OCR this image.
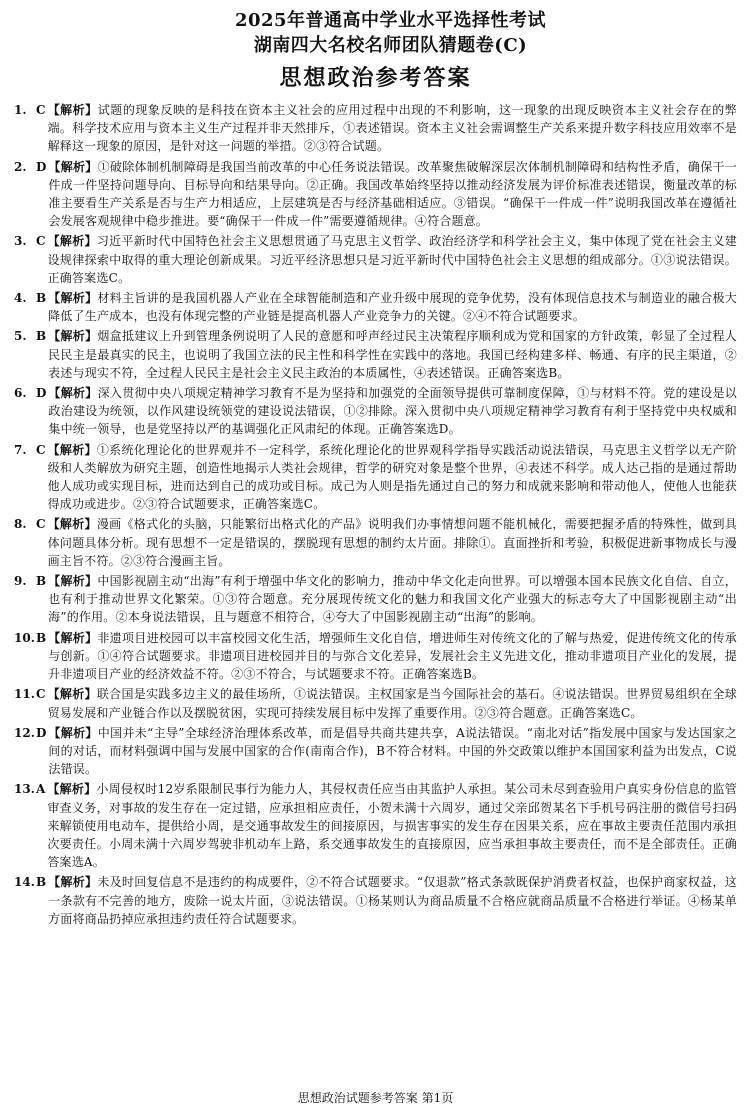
2025年普通高中学业水平选择性考试
湖南四大名校名师团队猜题卷(C)
思想政治参考答案
1. C 【解析】试题的现象反映的是科技在资本主义社会的应用过程中出现的不利影响，这一现象的出现反映资本主义社会存在的弊端。科学技术应用与资本主义生产过程并非天然排斥，①表述错误。资本主义社会需调整生产关系来提升数字科技应用效率不是解释这一现象的原因，是针对这一问题的举措。②③符合试题。
2. D 【解析】①破除体制机制障碍是我国当前改革的中心任务说法错误。改革聚焦破解深层次体制机制障碍和结构性矛盾，确保干一件成一件坚持问题导向、目标导向和结果导向。②正确。我国改革始终坚持以推动经济发展为评价标准表述错误，衡量改革的标准主要看生产关系是否与生产力相适应，上层建筑是否与经济基础相适应。③错误。“确保干一件成一件”说明我国改革在遵循社会发展客观规律中稳步推进。要“确保干一件成一件”需要遵循规律。④符合题意。
3. C 【解析】习近平新时代中国特色社会主义思想贯通了马克思主义哲学、政治经济学和科学社会主义，集中体现了党在社会主义建设规律探索中取得的重大理论创新成果。习近平经济思想只是习近平新时代中国特色社会主义思想的组成部分。①③说法错误。正确答案选C。
4. B 【解析】材料主旨讲的是我国机器人产业在全球智能制造和产业升级中展现的竞争优势，没有体现信息技术与制造业的融合极大降低了生产成本，也没有体现完整的产业链是提高机器人产业竞争力的关键。②④不符合试题要求。
5. B 【解析】烟盒抵建议上升到管理条例说明了人民的意愿和呼声经过民主决策程序顺利成为党和国家的方针政策，彰显了全过程人民民主是最真实的民主，也说明了我国立法的民主性和科学性在实践中的落地。我国已经构建多样、畅通、有序的民主渠道，②表述与现实不符，全过程人民民主是社会主义民主政治的本质属性，④表述错误。正确答案选B。
6. D 【解析】深入贯彻中央八项规定精神学习教育不是为坚持和加强党的全面领导提供可靠制度保障，①与材料不符。党的建设是以政治建设为统领，以作风建设统领党的建设说法错误，①②排除。深入贯彻中央八项规定精神学习教育有利于坚持党中央权威和集中统一领导，也是党坚持以严的基调强化正风肃纪的体现。正确答案选D。
7. C 【解析】①系统化理论化的世界观并不一定科学，系统化理论化的世界观科学指导实践活动说法错误，马克思主义哲学以无产阶级和人类解放为研究主题，创造性地揭示人类社会规律，哲学的研究对象是整个世界，④表述不科学。成人达己指的是通过帮助他人成功或实现目标，进而达到自己的成功或目标。成己为人则是指先通过自己的努力和成就来影响和带动他人，使他人也能获得成功或进步。②③符合试题要求，正确答案选C。
8. C 【解析】漫画《格式化的头脑，只能繁衍出格式化的产品》说明我们办事情想问题不能机械化，需要把握矛盾的特殊性，做到具体问题具体分析。现有思想不一定是错误的，摆脱现有思想的制约太片面。排除①。直面挫折和考验，积极促进新事物成长与漫画主旨不符。②③符合漫画主旨。
9. B 【解析】中国影视剧主动“出海”有利于增强中华文化的影响力，推动中华文化走向世界。可以增强本国本民族文化自信、自立，也有利于推动世界文化繁荣。①③符合题意。充分展现传统文化的魅力和我国文化产业强大的标志夸大了中国影视剧主动“出海”的作用。②本身说法错误，且与题意不相符合，④夸大了中国影视剧主动“出海”的影响。
10. B 【解析】非遗项目进校园可以丰富校园文化生活，增强师生文化自信，增进师生对传统文化的了解与热爱，促进传统文化的传承与创新。①④符合试题要求。非遗项目进校园并目的与弥合文化差异，发展社会主义先进文化，推动非遗项目产业化的发展，提升非遗项目产业的经济效益不符。②③不符合，与试题要求不符。正确答案选B。
11. C 【解析】联合国是实践多边主义的最佳场所，①说法错误。主权国家是当今国际社会的基石。④说法错误。世界贸易组织在全球贸易发展和产业链合作以及摆脱贫困，实现可持续发展目标中发挥了重要作用。②③符合题意。正确答案选C。
12. D 【解析】中国并未“主导”全球经济治理体系改革，而是倡导共商共建共享，A说法错误。“南北对话”指发展中国家与发达国家之间的对话，而材料强调中国与发展中国家的合作(南南合作)，B不符合材料。中国的外交政策以维护本国国家利益为出发点，C说法错误。
13. A 【解析】小周侵权时12岁系限制民事行为能力人，其侵权责任应当由其监护人承担。某公司未尽到查验用户真实身份信息的监管审查义务，对事故的发生存在一定过错，应承担相应责任，小贺未满十六周岁，通过父亲邱贺某名下手机号码注册的微信号扫码来解锁使用电动车，提供给小周，是交通事故发生的间接原因，与损害事实的发生存在因果关系，应在事故主要责任范围内承担次要责任。小周未满十六周岁驾驶非机动车上路，系交通事故发生的直接原因，应当承担事故主要责任，而不是全部责任。正确答案选A。
14. B 【解析】未及时回复信息不是违约的构成要件，②不符合试题要求。“仅退款”格式条款既保护消费者权益，也保护商家权益，这一条款有不完善的地方，废除一说太片面，③说法错误。①杨某则认为商品质量不合格应就商品质量不合格进行举证。④杨某单方面将商品扔掉应承担违约责任符合试题要求。
思想政治试题参考答案 第1页
